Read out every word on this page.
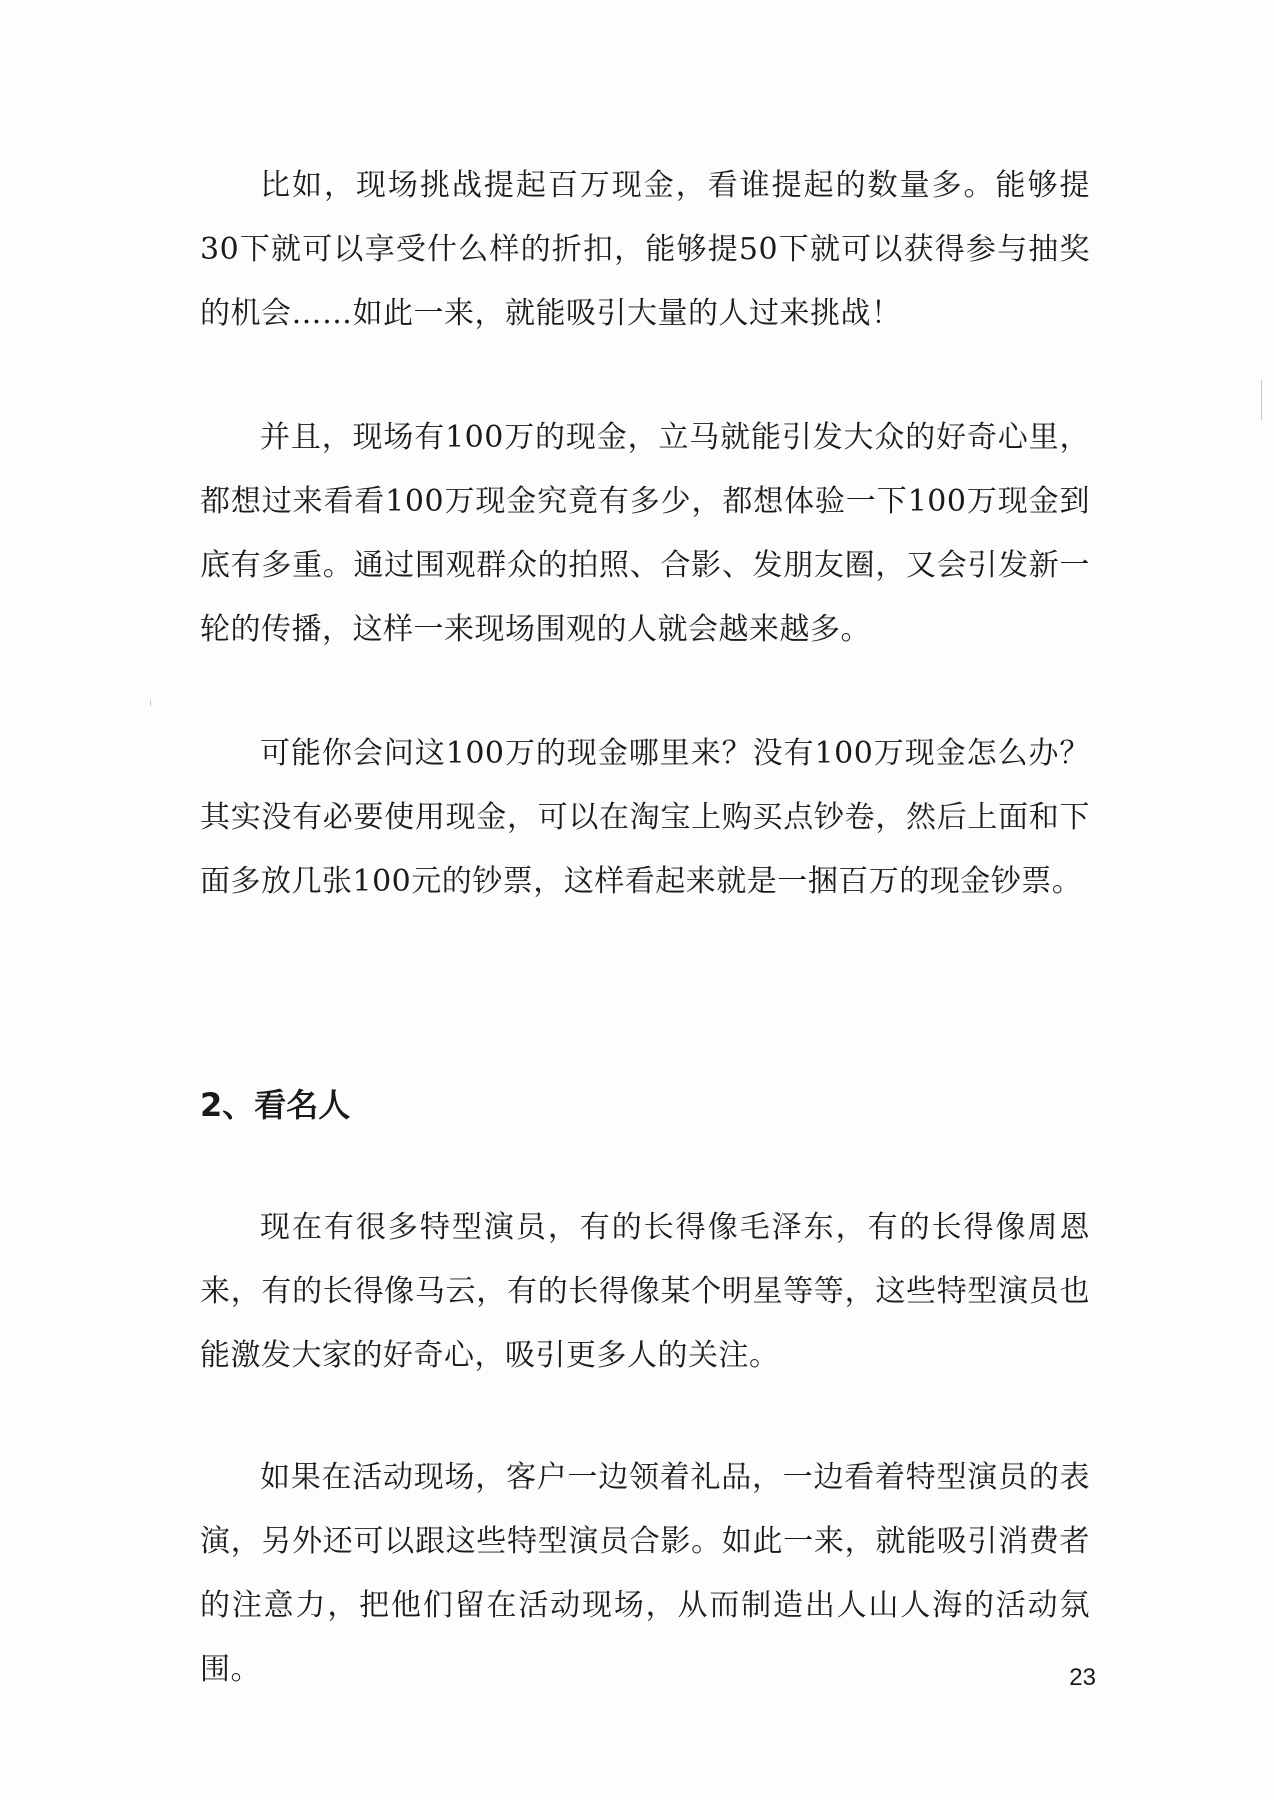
比如，现场挑战提起百万现金，看谁提起的数量多。能够提30下就可以享受什么样的折扣，能够提50下就可以获得参与抽奖的机会……如此一来，就能吸引大量的人过来挑战！

并且，现场有100万的现金，立马就能引发大众的好奇心里，都想过来看看100万现金究竟有多少，都想体验一下100万现金到底有多重。通过围观群众的拍照、合影、发朋友圈，又会引发新一轮的传播，这样一来现场围观的人就会越来越多。

可能你会问这100万的现金哪里来？没有100万现金怎么办？其实没有必要使用现金，可以在淘宝上购买点钞卷，然后上面和下面多放几张100元的钞票，这样看起来就是一捆百万的现金钞票。

2、看名人

现在有很多特型演员，有的长得像毛泽东，有的长得像周恩来，有的长得像马云，有的长得像某个明星等等，这些特型演员也能激发大家的好奇心，吸引更多人的关注。

如果在活动现场，客户一边领着礼品，一边看着特型演员的表演，另外还可以跟这些特型演员合影。如此一来，就能吸引消费者的注意力，把他们留在活动现场，从而制造出人山人海的活动氛围。	23
